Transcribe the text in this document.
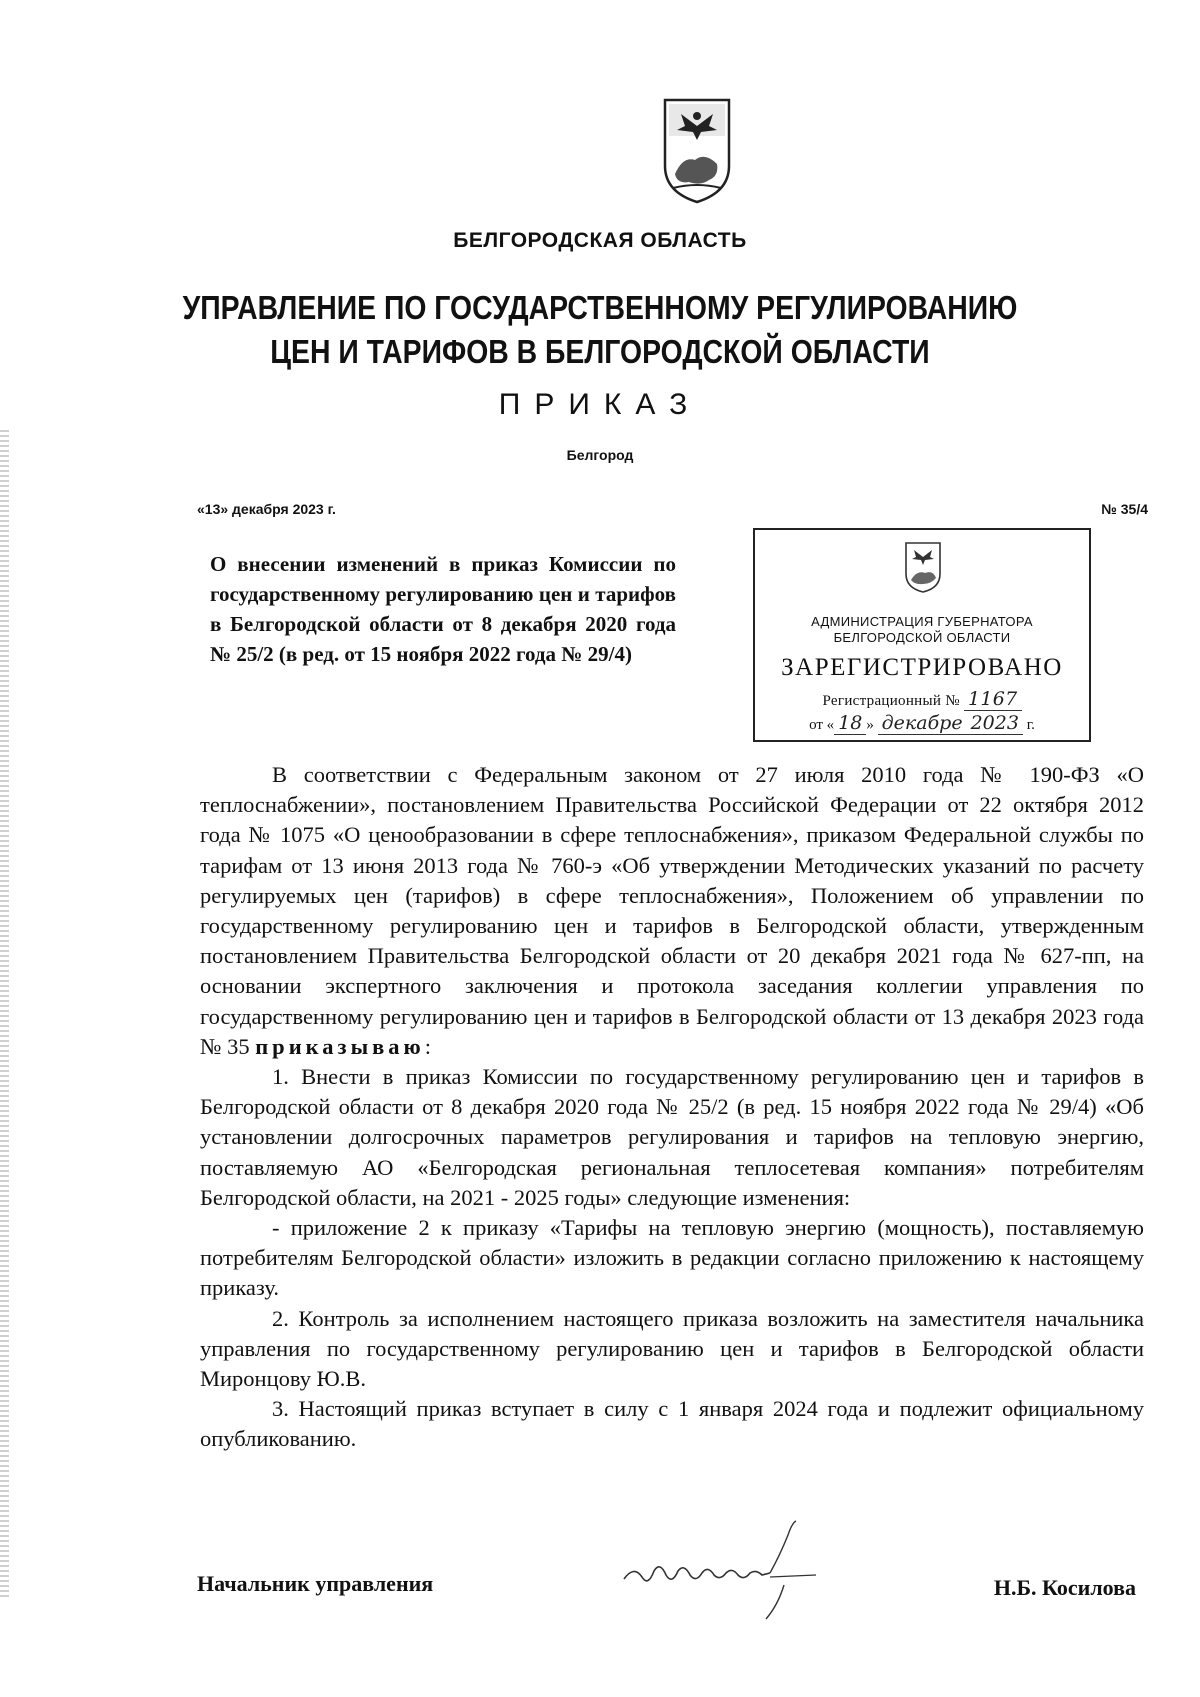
БЕЛГОРОДСКАЯ ОБЛАСТЬ
УПРАВЛЕНИЕ ПО ГОСУДАРСТВЕННОМУ РЕГУЛИРОВАНИЮ
ЦЕН И ТАРИФОВ В БЕЛГОРОДСКОЙ ОБЛАСТИ
ПРИКАЗ
Белгород
«13» декабря 2023 г.	№ 35/4
О внесении изменений в приказ Комиссии по государственному регулированию цен и тарифов в Белгородской области от 8 декабря 2020 года № 25/2 (в ред. от 15 ноября 2022 года № 29/4)
АДМИНИСТРАЦИЯ ГУБЕРНАТОРА
БЕЛГОРОДСКОЙ ОБЛАСТИ
ЗАРЕГИСТРИРОВАНО
Регистрационный № 1167
от « 18 » декабре 2023 г.

В соответствии с Федеральным законом от 27 июля 2010 года № 190-ФЗ «О теплоснабжении», постановлением Правительства Российской Федерации от 22 октября 2012 года № 1075 «О ценообразовании в сфере теплоснабжения», приказом Федеральной службы по тарифам от 13 июня 2013 года № 760-э «Об утверждении Методических указаний по расчету регулируемых цен (тарифов) в сфере теплоснабжения», Положением об управлении по государственному регулированию цен и тарифов в Белгородской области, утвержденным постановлением Правительства Белгородской области от 20 декабря 2021 года № 627-пп, на основании экспертного заключения и протокола заседания коллегии управления по государственному регулированию цен и тарифов в Белгородской области от 13 декабря 2023 года № 35 приказываю:

1. Внести в приказ Комиссии по государственному регулированию цен и тарифов в Белгородской области от 8 декабря 2020 года № 25/2 (в ред. 15 ноября 2022 года № 29/4) «Об установлении долгосрочных параметров регулирования и тарифов на тепловую энергию, поставляемую АО «Белгородская региональная теплосетевая компания» потребителям Белгородской области, на 2021 - 2025 годы» следующие изменения:

- приложение 2 к приказу «Тарифы на тепловую энергию (мощность), поставляемую потребителям Белгородской области» изложить в редакции согласно приложению к настоящему приказу.

2. Контроль за исполнением настоящего приказа возложить на заместителя начальника управления по государственному регулированию цен и тарифов в Белгородской области Миронцову Ю.В.

3. Настоящий приказ вступает в силу с 1 января 2024 года и подлежит официальному опубликованию.

Начальник управления	Н.Б. Косилова
